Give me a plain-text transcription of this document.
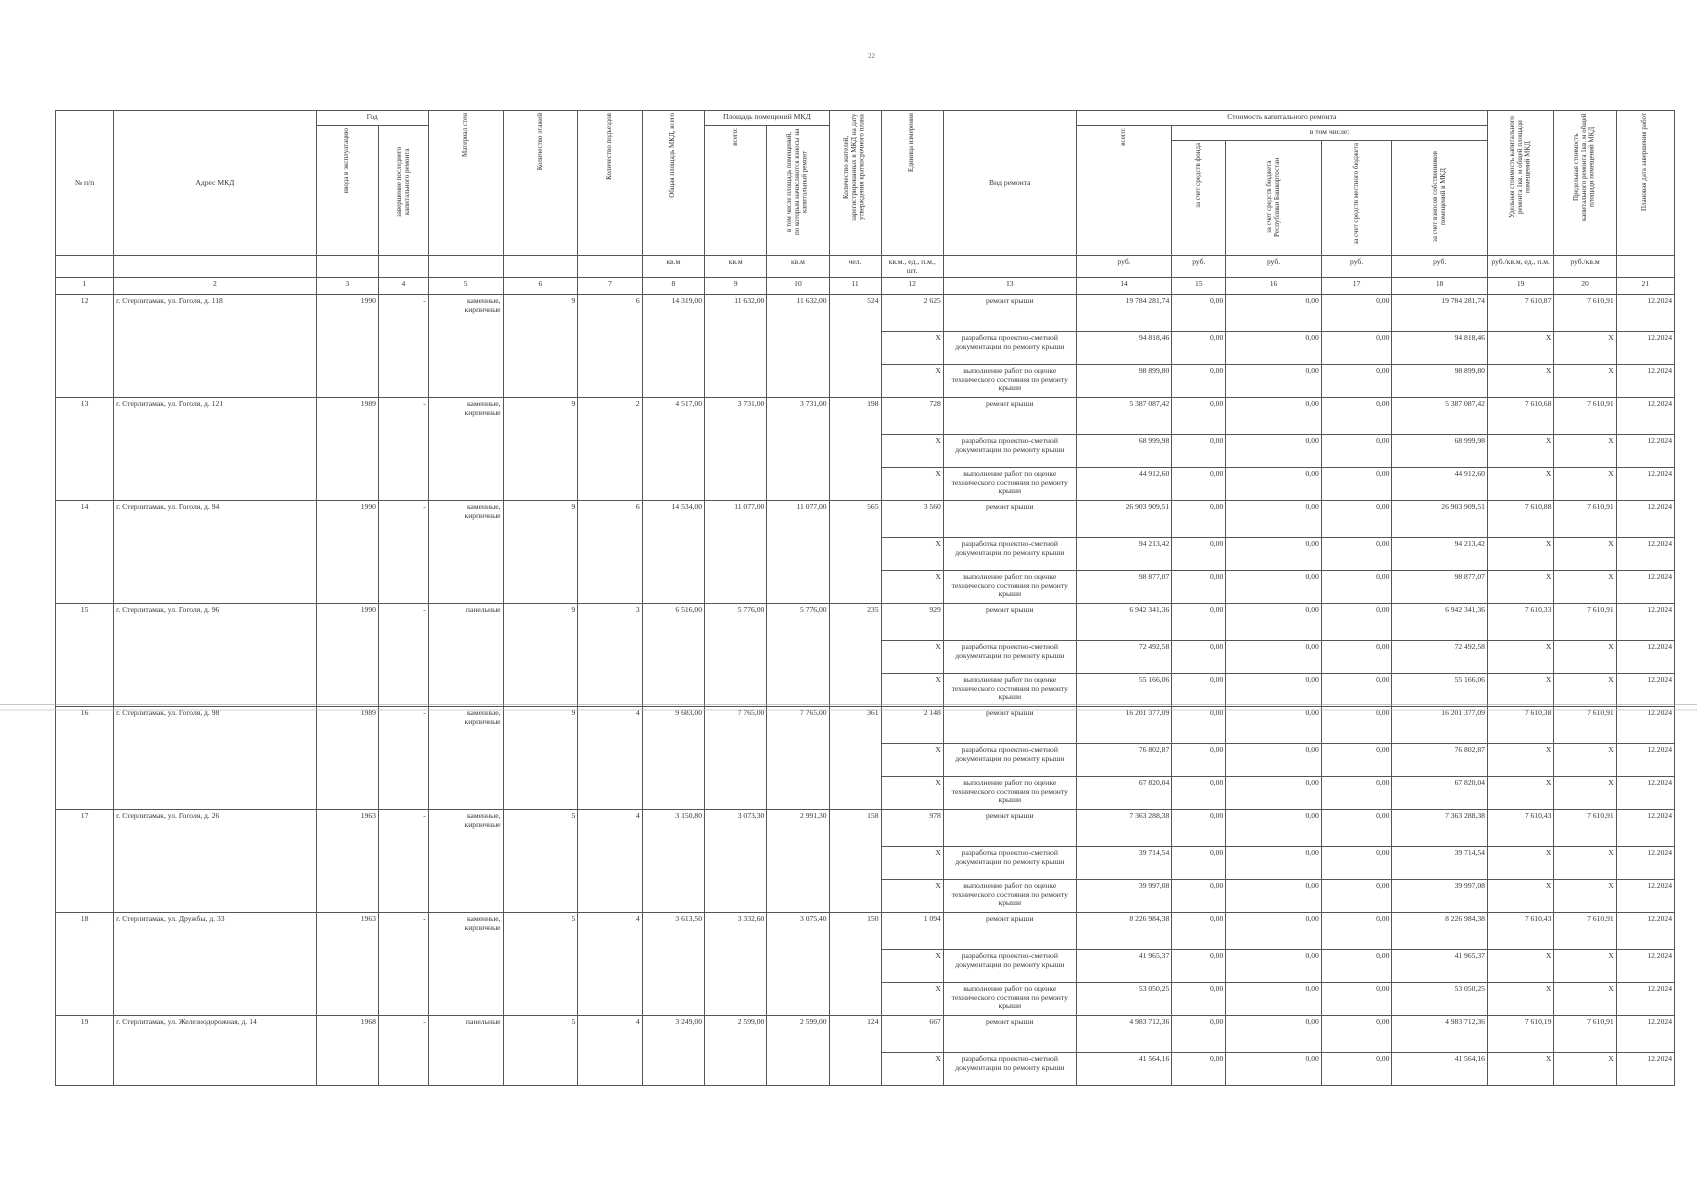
22
№ п/п	Адрес МКД	Год		Материал стен	Количество этажей	Количество подъездов	Общая площадь МКД, всего	Площадь помещений МКД		Количество жителей, зарегистрированных в МКД на дату утверждения краткосрочного плана	Единица измерения	Вид ремонта	Стоимость капитального ремонта					Удельная стоимость капитального ремонта 1кв. м общей площади помещений МКД	Предельная стоимость капитального ремонта 1кв. м общей площади помещений МКД	Плановая дата завершения работ

		ввода в эксплуатацию	завершение последнего капитального ремонта					всего:	в том числе площадь помещений, по которым начисляются взносы на капитальный ремонт				всего:	в том числе:						

														за счет средств фонда	за счет средств бюджета Республики Башкортостан	за счет средств местного бюджета	за счет взносов собственников помещений в МКД			

							кв.м	кв.м	кв.м	чел.	кв.м., ед., п.м., шт.		руб.	руб.	руб.	руб.	руб.	руб./кв.м, ед., п.м.	руб./кв.м	
1	2	3	4	5	6	7	8	9	10	11	12	13	14	15	16	17	18	19	20	21
12	г. Стерлитамак, ул. Гоголя, д. 118	1990	-	каменные, кирпичные	9	6	14 319,00	11 632,00	11 632,00	524	2 625	ремонт крыши	19 784 281,74	0,00	0,00	0,00	19 784 281,74	7 610,87	7 610,91	12.2024
											X	разработка проектно-сметной документации по ремонту крыши	94 818,46	0,00	0,00	0,00	94 818,46	X	X	12.2024
											X	выполнение работ по оценке технического состояния по ремонту крыши	98 899,80	0,00	0,00	0,00	98 899,80	X	X	12.2024
13	г. Стерлитамак, ул. Гоголя, д. 121	1989	-	каменные, кирпичные	9	2	4 517,00	3 731,00	3 731,00	198	728	ремонт крыши	5 387 087,42	0,00	0,00	0,00	5 387 087,42	7 610,68	7 610,91	12.2024
											X	разработка проектно-сметной документации по ремонту крыши	68 999,98	0,00	0,00	0,00	68 999,98	X	X	12.2024
											X	выполнение работ по оценке технического состояния по ремонту крыши	44 912,60	0,00	0,00	0,00	44 912,60	X	X	12.2024
14	г. Стерлитамак, ул. Гоголя, д. 94	1990	-	каменные, кирпичные	9	6	14 534,00	11 077,00	11 077,00	565	3 560	ремонт крыши	26 903 909,51	0,00	0,00	0,00	26 903 909,51	7 610,88	7 610,91	12.2024
											X	разработка проектно-сметной документации по ремонту крыши	94 213,42	0,00	0,00	0,00	94 213,42	X	X	12.2024
											X	выполнение работ по оценке технического состояния по ремонту крыши	98 877,07	0,00	0,00	0,00	98 877,07	X	X	12.2024
15	г. Стерлитамак, ул. Гоголя, д. 96	1990	-	панельные	9	3	6 516,00	5 776,00	5 776,00	235	929	ремонт крыши	6 942 341,36	0,00	0,00	0,00	6 942 341,36	7 610,33	7 610,91	12.2024
											X	разработка проектно-сметной документации по ремонту крыши	72 492,58	0,00	0,00	0,00	72 492,58	X	X	12.2024
											X	выполнение работ по оценке технического состояния по ремонту крыши	55 166,06	0,00	0,00	0,00	55 166,06	X	X	12.2024
16	г. Стерлитамак, ул. Гоголя, д. 98	1989	-	каменные, кирпичные	9	4	9 683,00	7 765,00	7 765,00	361	2 148	ремонт крыши	16 201 377,09	0,00	0,00	0,00	16 201 377,09	7 610,38	7 610,91	12.2024
											X	разработка проектно-сметной документации по ремонту крыши	76 802,87	0,00	0,00	0,00	76 802,87	X	X	12.2024
											X	выполнение работ по оценке технического состояния по ремонту крыши	67 820,04	0,00	0,00	0,00	67 820,04	X	X	12.2024
17	г. Стерлитамак, ул. Гоголя, д. 26	1963	-	каменные, кирпичные	5	4	3 150,80	3 073,30	2 991,30	158	978	ремонт крыши	7 363 288,38	0,00	0,00	0,00	7 363 288,38	7 610,43	7 610,91	12.2024
											X	разработка проектно-сметной документации по ремонту крыши	39 714,54	0,00	0,00	0,00	39 714,54	X	X	12.2024
											X	выполнение работ по оценке технического состояния по ремонту крыши	39 997,08	0,00	0,00	0,00	39 997,08	X	X	12.2024
18	г. Стерлитамак, ул. Дружбы, д. 33	1963	-	каменные, кирпичные	5	4	3 613,50	3 332,60	3 075,40	150	1 094	ремонт крыши	8 226 984,38	0,00	0,00	0,00	8 226 984,38	7 610,43	7 610,91	12.2024
											X	разработка проектно-сметной документации по ремонту крыши	41 965,37	0,00	0,00	0,00	41 965,37	X	X	12.2024
											X	выполнение работ по оценке технического состояния по ремонту крыши	53 050,25	0,00	0,00	0,00	53 050,25	X	X	12.2024
19	г. Стерлитамак, ул. Железнодорожная, д. 14	1968	-	панельные	5	4	3 249,00	2 599,00	2 599,00	124	667	ремонт крыши	4 983 712,36	0,00	0,00	0,00	4 983 712,36	7 610,19	7 610,91	12.2024
											X	разработка проектно-сметной документации по ремонту крыши	41 564,16	0,00	0,00	0,00	41 564,16	X	X	12.2024
